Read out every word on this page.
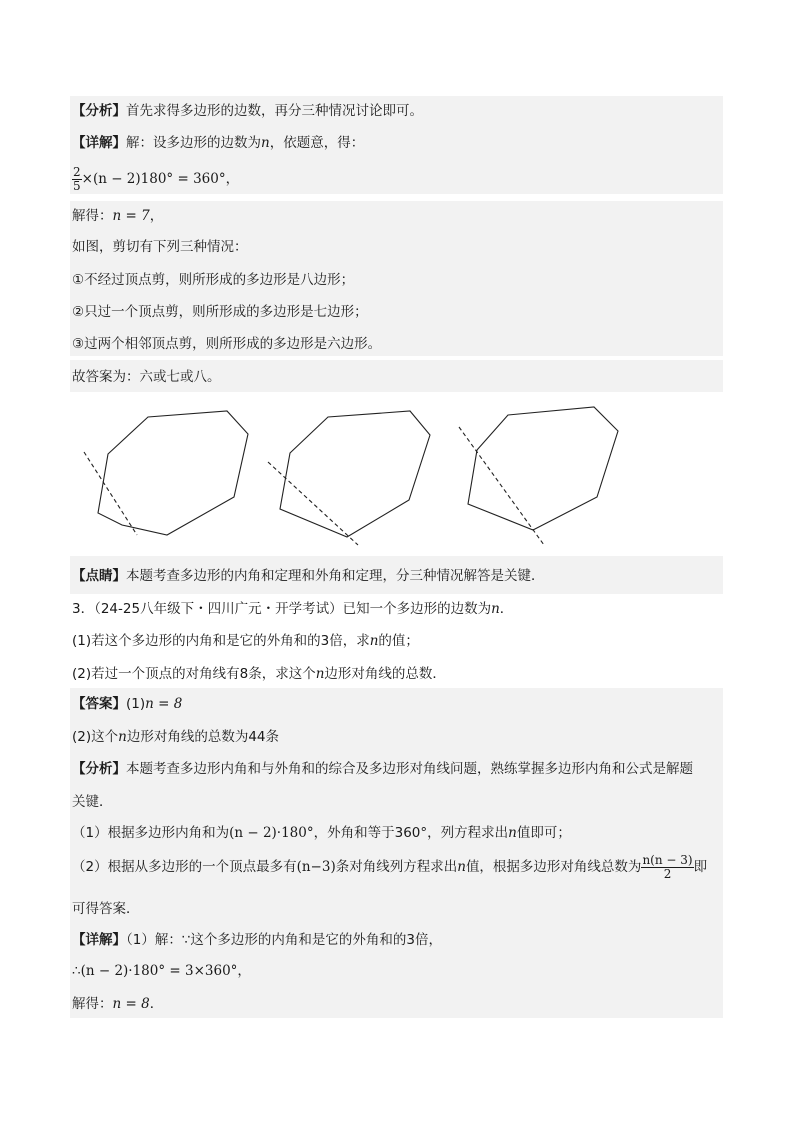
【分析】首先求得多边形的边数，再分三种情况讨论即可。
【详解】解：设多边形的边数为n，依题意，得：
$\frac{2}{5} \times(n - 2)180^\circ = 360^\circ$，
解得：n = 7，
如图，剪切有下列三种情况：
①不经过顶点剪，则所形成的多边形是八边形；
②只过一个顶点剪，则所形成的多边形是七边形；
③过两个相邻顶点剪，则所形成的多边形是六边形。
故答案为：六或七或八。
【点睛】本题考查多边形的内角和定理和外角和定理，分三种情况解答是关键．
3．（24-25八年级下・四川广元・开学考试）已知一个多边形的边数为n．
(1)若这个多边形的内角和是它的外角和的3倍，求n的值；
(2)若过一个顶点的对角线有8条，求这个n边形对角线的总数．
【答案】(1)n = 8
(2)这个n边形对角线的总数为44条
【分析】本题考查多边形内角和与外角和的综合及多边形对角线问题，熟练掌握多边形内角和公式是解题
关键．
（1）根据多边形内角和为(n − 2)·180°，外角和等于360°，列方程求出n值即可；
（2）根据从多边形的一个顶点最多有(n−3)条对角线列方程求出n值，根据多边形对角线总数为 $\frac{n(n - 3)}{2}$ 即
可得答案．
【详解】（1）解：∵这个多边形的内角和是它的外角和的3倍，
∴(n − 2)·180° = 3×360°，
解得：n = 8．
